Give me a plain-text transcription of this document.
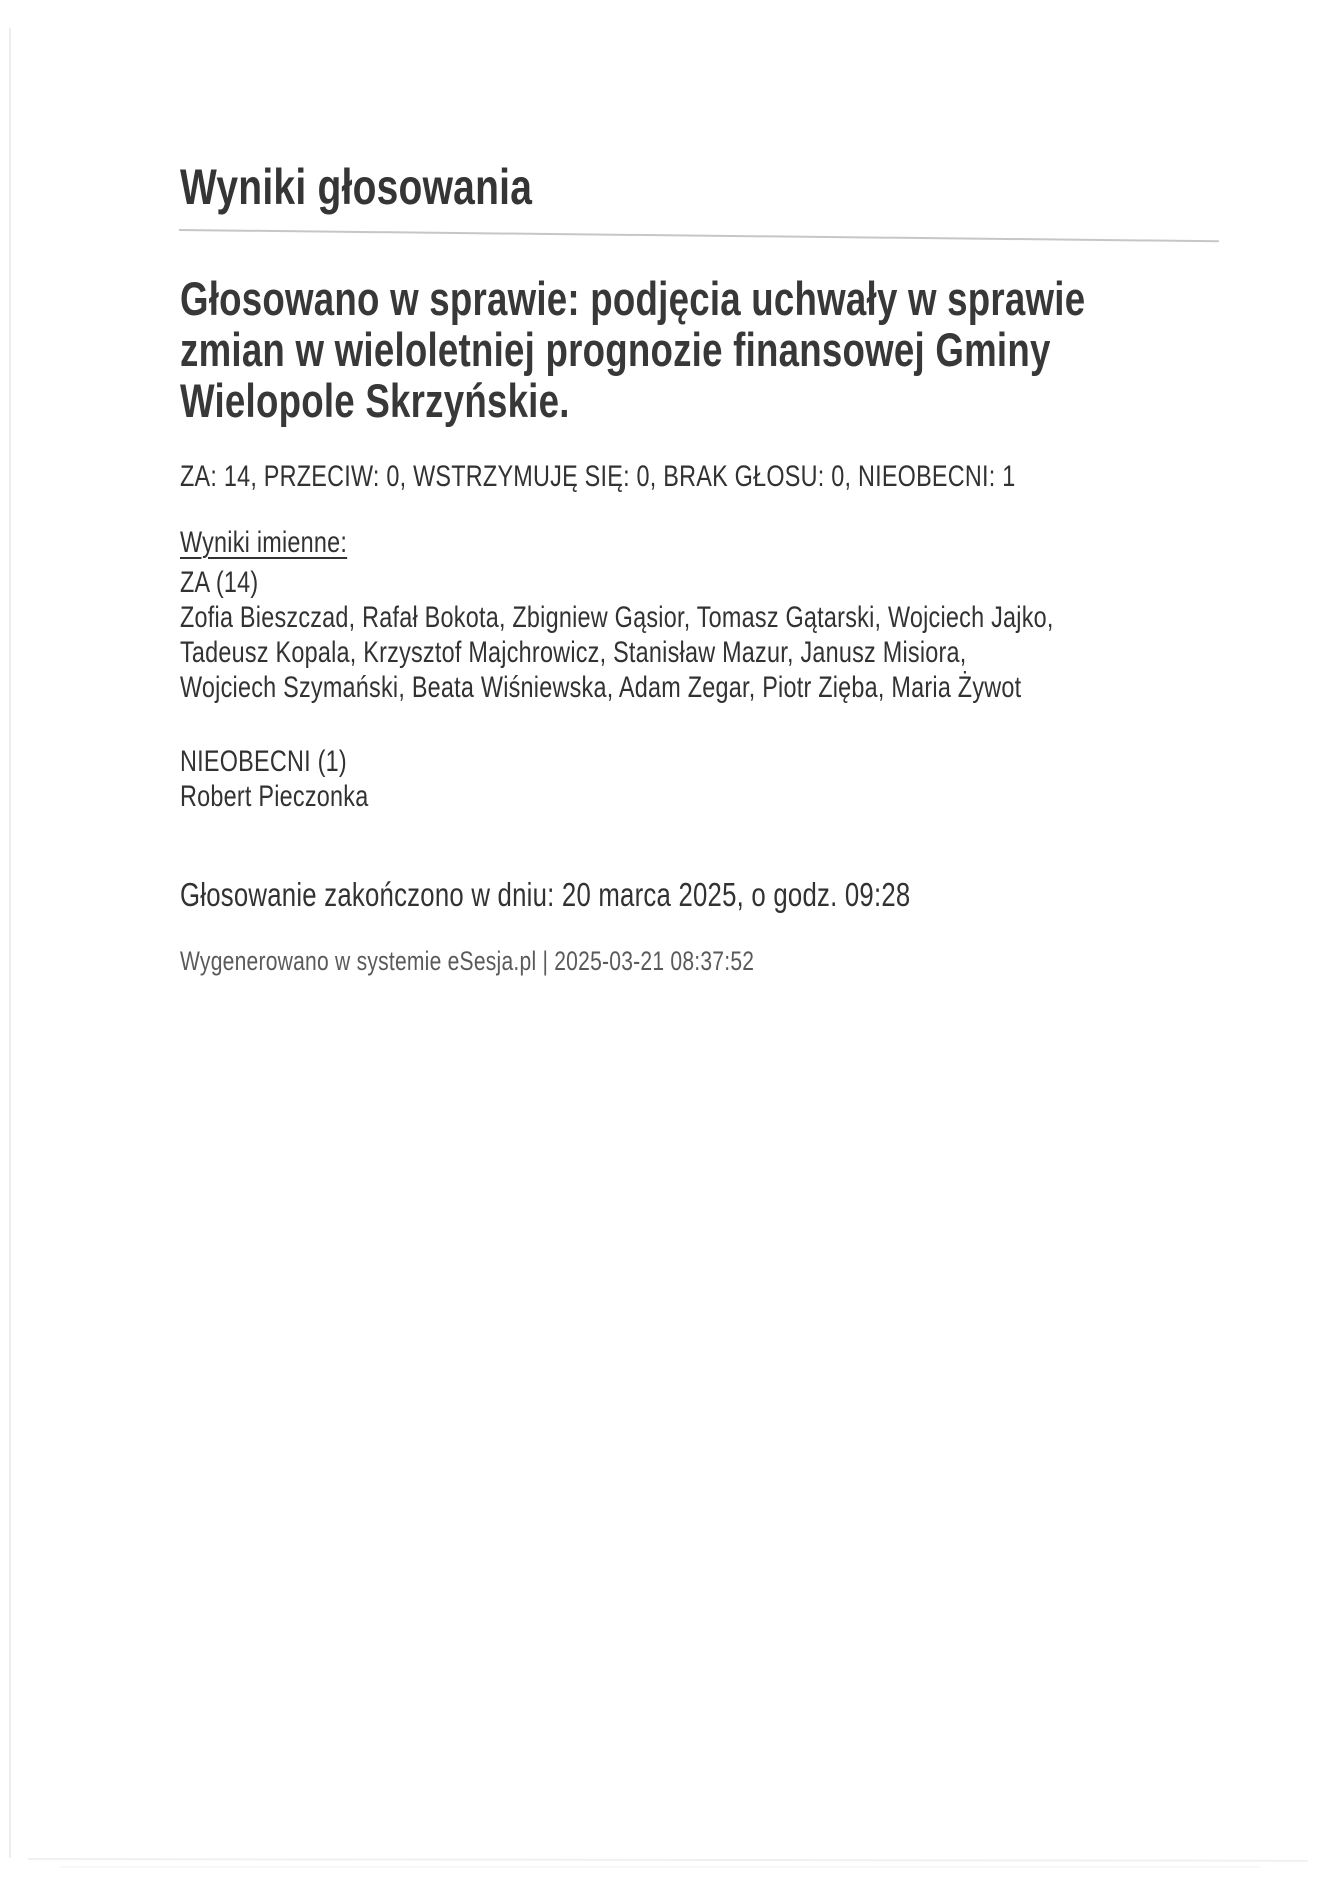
Wyniki głosowania
Głosowano w sprawie: podjęcia uchwały w sprawie
zmian w wieloletniej prognozie finansowej Gminy
Wielopole Skrzyńskie.
ZA: 14, PRZECIW: 0, WSTRZYMUJĘ SIĘ: 0, BRAK GŁOSU: 0, NIEOBECNI: 1
Wyniki imienne:
ZA (14)
Zofia Bieszczad, Rafał Bokota, Zbigniew Gąsior, Tomasz Gątarski, Wojciech Jajko,
Tadeusz Kopala, Krzysztof Majchrowicz, Stanisław Mazur, Janusz Misiora,
Wojciech Szymański, Beata Wiśniewska, Adam Zegar, Piotr Zięba, Maria Żywot
NIEOBECNI (1)
Robert Pieczonka
Głosowanie zakończono w dniu: 20 marca 2025, o godz. 09:28
Wygenerowano w systemie eSesja.pl | 2025-03-21 08:37:52
